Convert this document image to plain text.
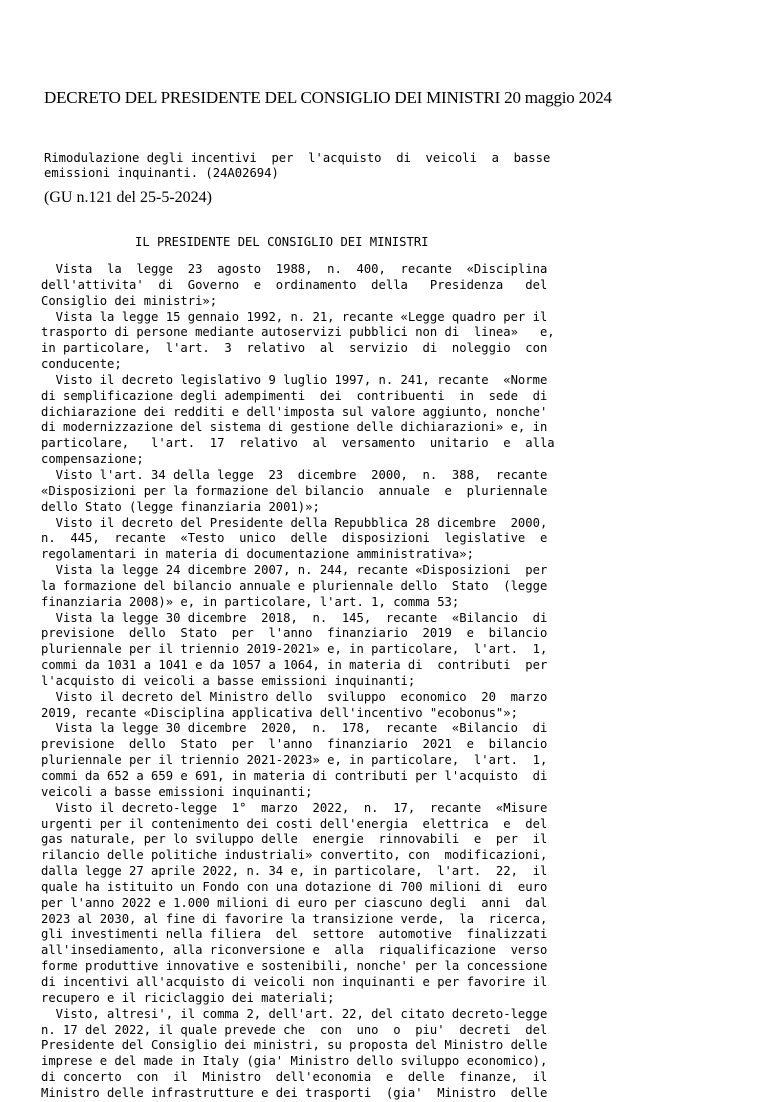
DECRETO DEL PRESIDENTE DEL CONSIGLIO DEI MINISTRI 20 maggio 2024
Rimodulazione degli incentivi  per  l'acquisto  di  veicoli  a  basse
emissioni inquinanti. (24A02694)
(GU n.121 del 25-5-2024)
IL PRESIDENTE DEL CONSIGLIO DEI MINISTRI
Vista  la  legge  23  agosto  1988,  n.  400,  recante  «Disciplina
dell'attivita'  di  Governo  e  ordinamento  della   Presidenza   del
Consiglio dei ministri»;
Vista la legge 15 gennaio 1992, n. 21, recante «Legge quadro per il
trasporto di persone mediante autoservizi pubblici non di  linea»   e,
in particolare,  l'art.  3  relativo  al  servizio  di  noleggio  con
conducente;
Visto il decreto legislativo 9 luglio 1997, n. 241, recante  «Norme
di semplificazione degli adempimenti  dei  contribuenti  in  sede  di
dichiarazione dei redditi e dell'imposta sul valore aggiunto, nonche'
di modernizzazione del sistema di gestione delle dichiarazioni» e, in
particolare,   l'art.  17  relativo  al  versamento  unitario  e  alla
compensazione;
Visto l'art. 34 della legge  23  dicembre  2000,  n.  388,  recante
«Disposizioni per la formazione del bilancio  annuale  e  pluriennale
dello Stato (legge finanziaria 2001)»;
Visto il decreto del Presidente della Repubblica 28 dicembre  2000,
n.  445,  recante  «Testo  unico  delle  disposizioni  legislative  e
regolamentari in materia di documentazione amministrativa»;
Vista la legge 24 dicembre 2007, n. 244, recante «Disposizioni  per
la formazione del bilancio annuale e pluriennale dello  Stato  (legge
finanziaria 2008)» e, in particolare, l'art. 1, comma 53;
Vista la legge 30 dicembre  2018,  n.  145,  recante  «Bilancio  di
previsione  dello  Stato  per  l'anno  finanziario  2019  e  bilancio
pluriennale per il triennio 2019-2021» e, in particolare,  l'art.  1,
commi da 1031 a 1041 e da 1057 a 1064, in materia di  contributi  per
l'acquisto di veicoli a basse emissioni inquinanti;
Visto il decreto del Ministro dello  sviluppo  economico  20  marzo
2019, recante «Disciplina applicativa dell'incentivo "ecobonus"»;
Vista la legge 30 dicembre  2020,  n.  178,  recante  «Bilancio  di
previsione  dello  Stato  per  l'anno  finanziario  2021  e  bilancio
pluriennale per il triennio 2021-2023» e, in particolare,  l'art.  1,
commi da 652 a 659 e 691, in materia di contributi per l'acquisto  di
veicoli a basse emissioni inquinanti;
Visto il decreto-legge  1°  marzo  2022,  n.  17,  recante  «Misure
urgenti per il contenimento dei costi dell'energia  elettrica  e  del
gas naturale, per lo sviluppo delle  energie  rinnovabili  e  per  il
rilancio delle politiche industriali» convertito, con  modificazioni,
dalla legge 27 aprile 2022, n. 34 e, in particolare,  l'art.  22,  il
quale ha istituito un Fondo con una dotazione di 700 milioni di  euro
per l'anno 2022 e 1.000 milioni di euro per ciascuno degli  anni  dal
2023 al 2030, al fine di favorire la transizione verde,  la  ricerca,
gli investimenti nella filiera  del  settore  automotive  finalizzati
all'insediamento, alla riconversione e  alla  riqualificazione  verso
forme produttive innovative e sostenibili, nonche' per la concessione
di incentivi all'acquisto di veicoli non inquinanti e per favorire il
recupero e il riciclaggio dei materiali;
Visto, altresi', il comma 2, dell'art. 22, del citato decreto-legge
n. 17 del 2022, il quale prevede che  con  uno  o  piu'  decreti  del
Presidente del Consiglio dei ministri, su proposta del Ministro delle
imprese e del made in Italy (gia' Ministro dello sviluppo economico),
di concerto  con  il  Ministro  dell'economia  e  delle  finanze,  il
Ministro delle infrastrutture e dei trasporti  (gia'  Ministro  delle
